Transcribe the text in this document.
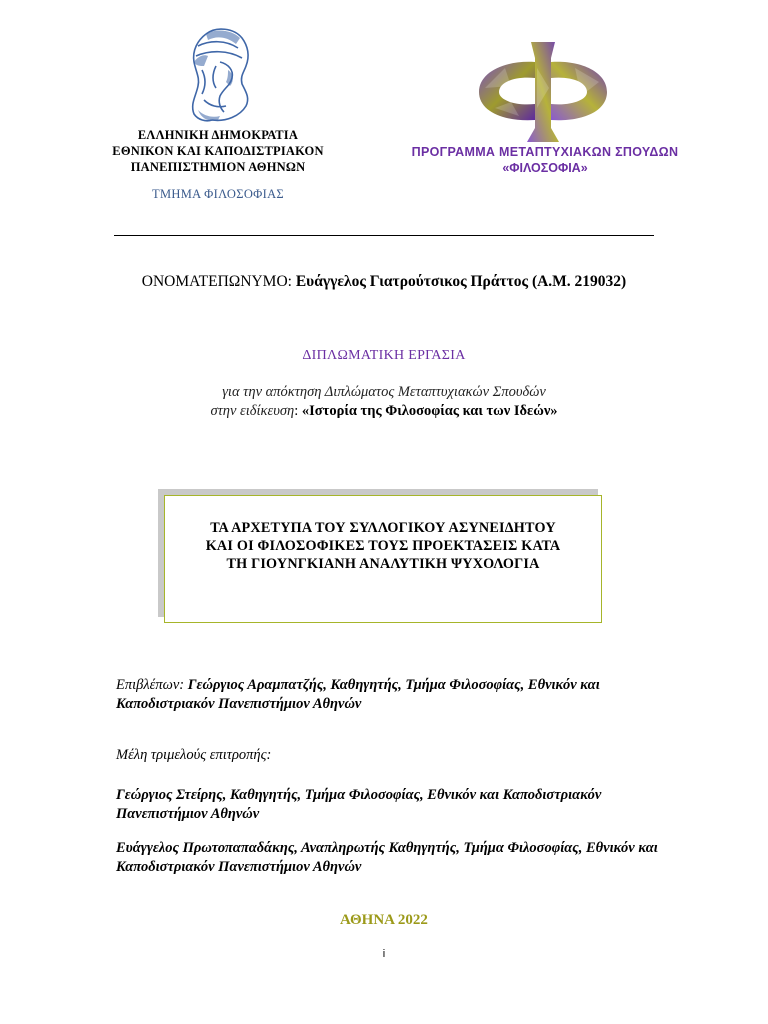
ΕΛΛΗΝΙΚΗ ΔΗΜΟΚΡΑΤΙΑ
ΕΘΝΙΚΟΝ ΚΑΙ ΚΑΠΟΔΙΣΤΡΙΑΚΟΝ
ΠΑΝΕΠΙΣΤΗΜΙΟΝ ΑΘΗΝΩΝ
ΤΜΗΜΑ ΦΙΛΟΣΟΦΙΑΣ
ΠΡΟΓΡΑΜΜΑ ΜΕΤΑΠΤΥΧΙΑΚΩΝ ΣΠΟΥΔΩΝ
«ΦΙΛΟΣΟΦΙΑ»
ΟΝΟΜΑΤΕΠΩΝΥΜΟ: Ευάγγελος Γιατρούτσικος Πράττος (Α.Μ. 219032)
ΔΙΠΛΩΜΑΤΙΚΗ ΕΡΓΑΣΙΑ
για την απόκτηση Διπλώματος Μεταπτυχιακών Σπουδών
στην ειδίκευση: «Ιστορία της Φιλοσοφίας και των Ιδεών»
ΤΑ ΑΡΧΕΤΥΠΑ ΤΟΥ ΣΥΛΛΟΓΙΚΟΥ ΑΣΥΝΕΙΔΗΤΟΥ
ΚΑΙ ΟΙ ΦΙΛΟΣΟΦΙΚΕΣ ΤΟΥΣ ΠΡΟΕΚΤΑΣΕΙΣ ΚΑΤΑ
ΤΗ ΓΙΟΥΝΓΚΙΑΝΗ ΑΝΑΛΥΤΙΚΗ ΨΥΧΟΛΟΓΙΑ
Επιβλέπων: Γεώργιος Αραμπατζής, Καθηγητής, Τμήμα Φιλοσοφίας, Εθνικόν και Καποδιστριακόν Πανεπιστήμιον Αθηνών
Μέλη τριμελούς επιτροπής:
Γεώργιος Στείρης, Καθηγητής, Τμήμα Φιλοσοφίας, Εθνικόν και Καποδιστριακόν Πανεπιστήμιον Αθηνών
Ευάγγελος Πρωτοπαπαδάκης, Αναπληρωτής Καθηγητής, Τμήμα Φιλοσοφίας, Εθνικόν και Καποδιστριακόν Πανεπιστήμιον Αθηνών
ΑΘΗΝΑ 2022
i
